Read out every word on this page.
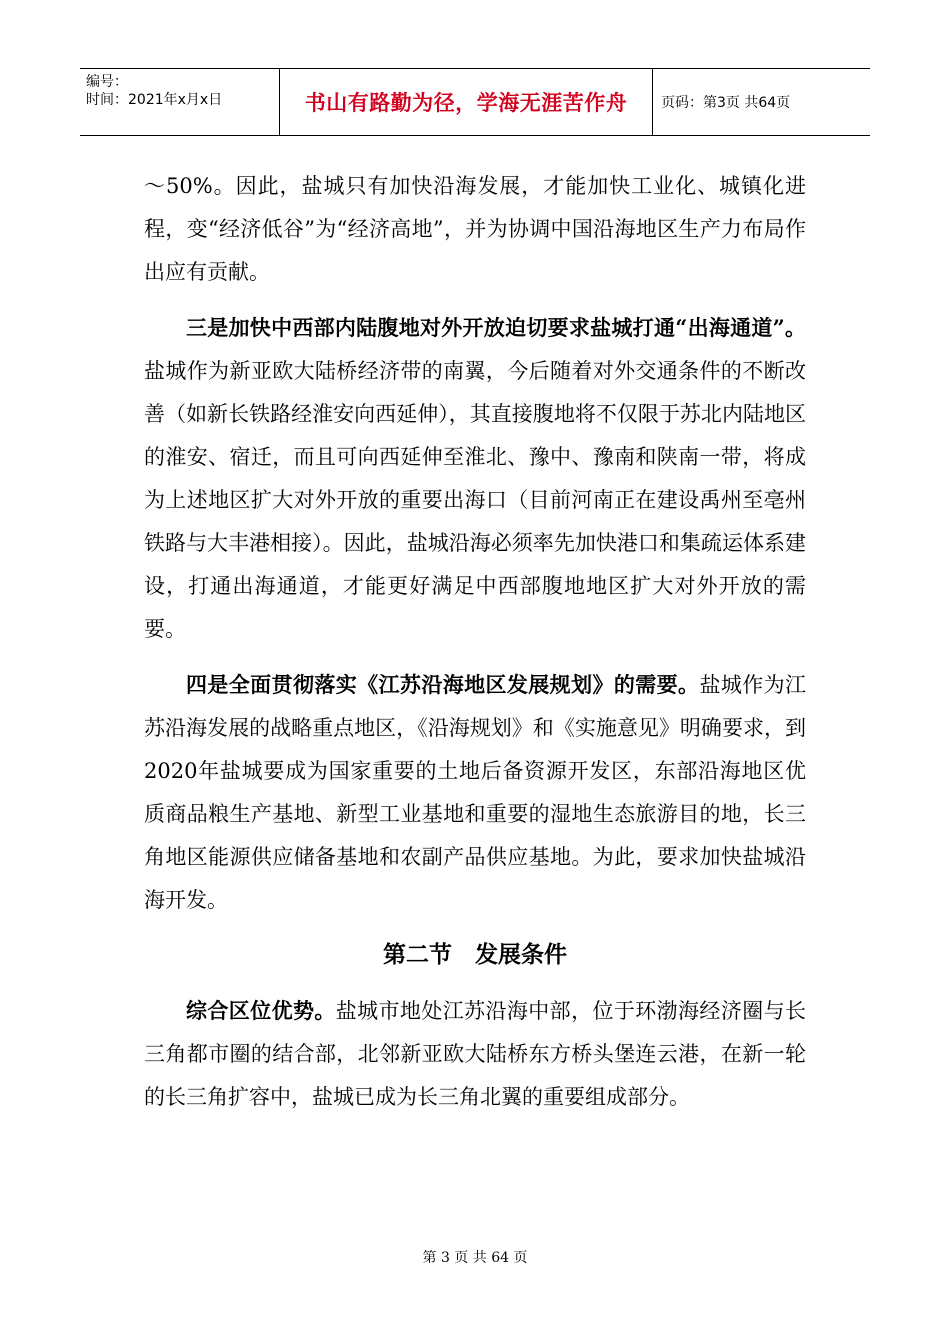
编号：
时间：2021年x月x日	书山有路勤为径，学海无涯苦作舟	页码：第3页 共64页

～50%。因此，盐城只有加快沿海发展，才能加快工业化、城镇化进程，变“经济低谷”为“经济高地”，并为协调中国沿海地区生产力布局作出应有贡献。

三是加快中西部内陆腹地对外开放迫切要求盐城打通“出海通道”。盐城作为新亚欧大陆桥经济带的南翼，今后随着对外交通条件的不断改善（如新长铁路经淮安向西延伸），其直接腹地将不仅限于苏北内陆地区的淮安、宿迁，而且可向西延伸至淮北、豫中、豫南和陕南一带，将成为上述地区扩大对外开放的重要出海口（目前河南正在建设禹州至亳州铁路与大丰港相接）。因此，盐城沿海必须率先加快港口和集疏运体系建设，打通出海通道，才能更好满足中西部腹地地区扩大对外开放的需要。

四是全面贯彻落实《江苏沿海地区发展规划》的需要。盐城作为江苏沿海发展的战略重点地区，《沿海规划》和《实施意见》明确要求，到2020年盐城要成为国家重要的土地后备资源开发区，东部沿海地区优质商品粮生产基地、新型工业基地和重要的湿地生态旅游目的地，长三角地区能源供应储备基地和农副产品供应基地。为此，要求加快盐城沿海开发。

第二节　发展条件

综合区位优势。盐城市地处江苏沿海中部，位于环渤海经济圈与长三角都市圈的结合部，北邻新亚欧大陆桥东方桥头堡连云港，在新一轮的长三角扩容中，盐城已成为长三角北翼的重要组成部分。

第 3 页 共 64 页
